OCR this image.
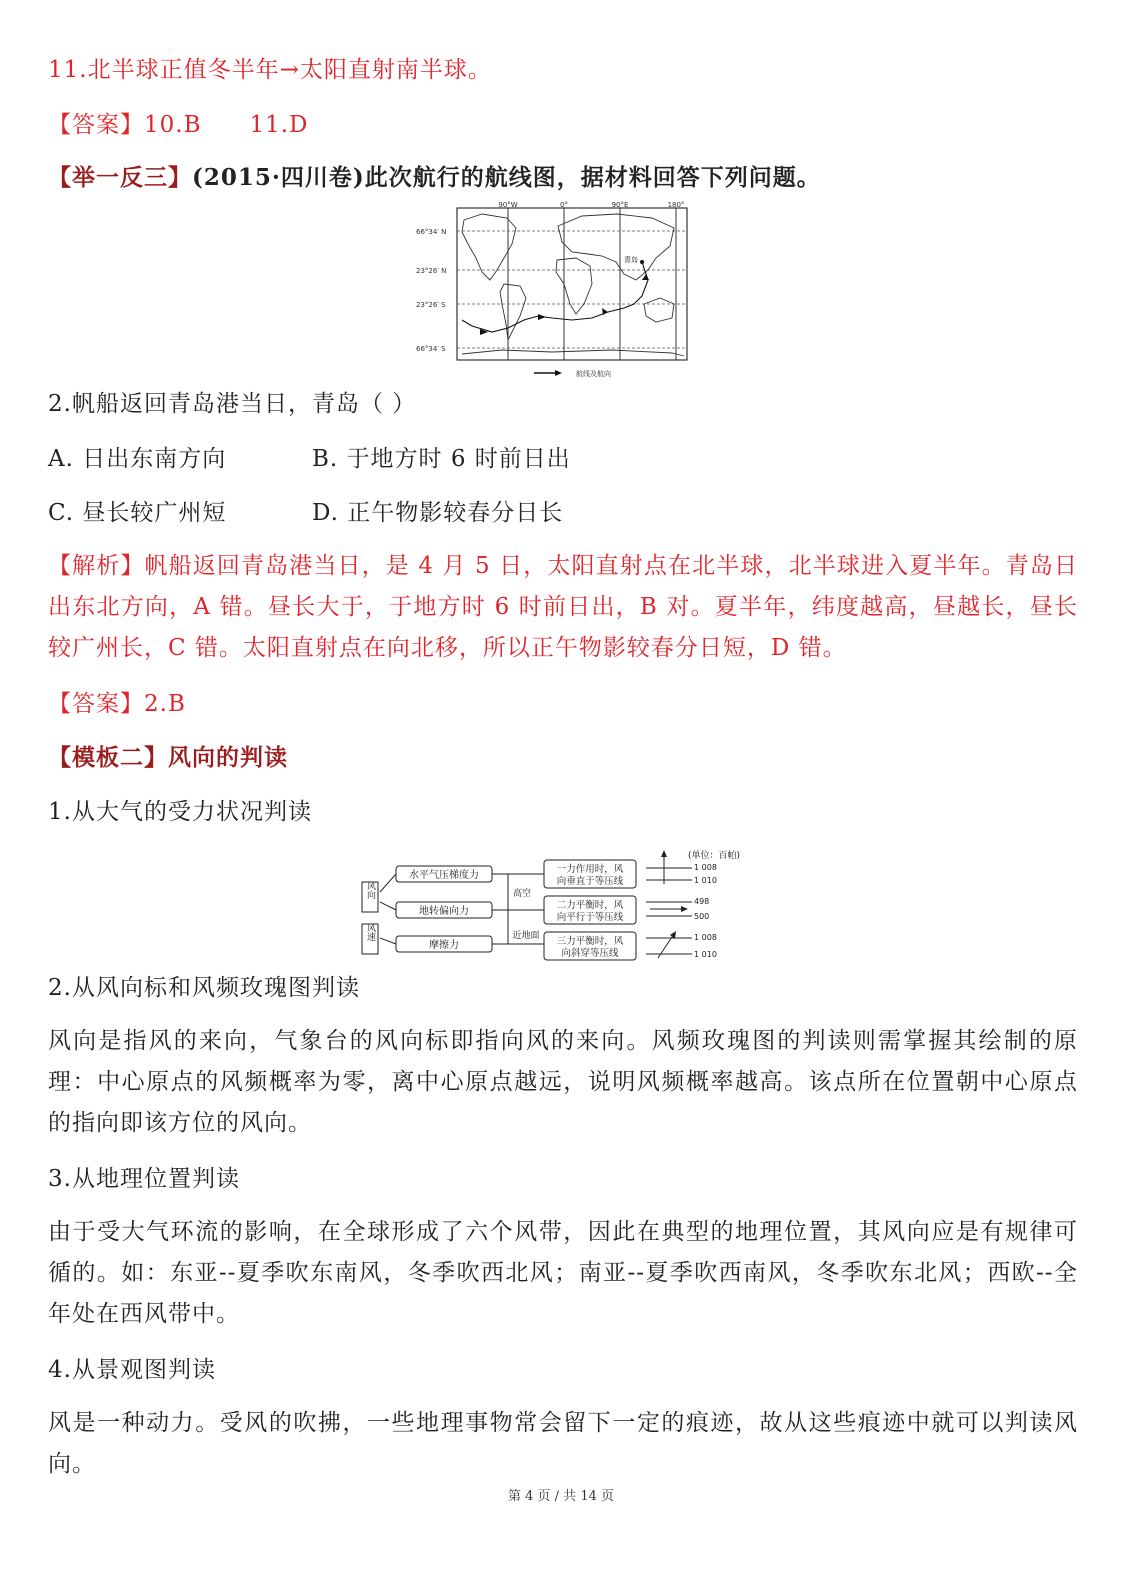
11.北半球正值冬半年→太阳直射南半球。
【答案】10.B 11.D
【举一反三】(2015·四川卷)此次航行的航线图，据材料回答下列问题。
90°W	0°	90°E	180°
66°34′ N
23°26′ N
23°26′ S
66°34′ S
青岛
航线及航向
2.帆船返回青岛港当日，青岛（ ）
A. 日出东南方向	B. 于地方时 6 时前日出
C. 昼长较广州短	D. 正午物影较春分日长
【解析】帆船返回青岛港当日，是 4 月 5 日，太阳直射点在北半球，北半球进入夏半年。青岛日出东北方向，A 错。昼长大于，于地方时 6 时前日出，B 对。夏半年，纬度越高，昼越长，昼长较广州长，C 错。太阳直射点在向北移，所以正午物影较春分日短，D 错。
【答案】2.B
【模板二】风向的判读
1.从大气的受力状况判读
风向
风速
水平气压梯度力
地转偏向力
摩擦力
高空
近地面
一力作用时，风
向垂直于等压线
二力平衡时，风
向平行于等压线
三力平衡时，风
向斜穿等压线
(单位：百帕)
1 008
1 010
498
500
1 008
1 010
2.从风向标和风频玫瑰图判读
风向是指风的来向，气象台的风向标即指向风的来向。风频玫瑰图的判读则需掌握其绘制的原理：中心原点的风频概率为零，离中心原点越远，说明风频概率越高。该点所在位置朝中心原点的指向即该方位的风向。
3.从地理位置判读
由于受大气环流的影响，在全球形成了六个风带，因此在典型的地理位置，其风向应是有规律可循的。如：东亚--夏季吹东南风，冬季吹西北风；南亚--夏季吹西南风，冬季吹东北风；西欧--全年处在西风带中。
4.从景观图判读
风是一种动力。受风的吹拂，一些地理事物常会留下一定的痕迹，故从这些痕迹中就可以判读风向。
第 4 页 / 共 14 页
